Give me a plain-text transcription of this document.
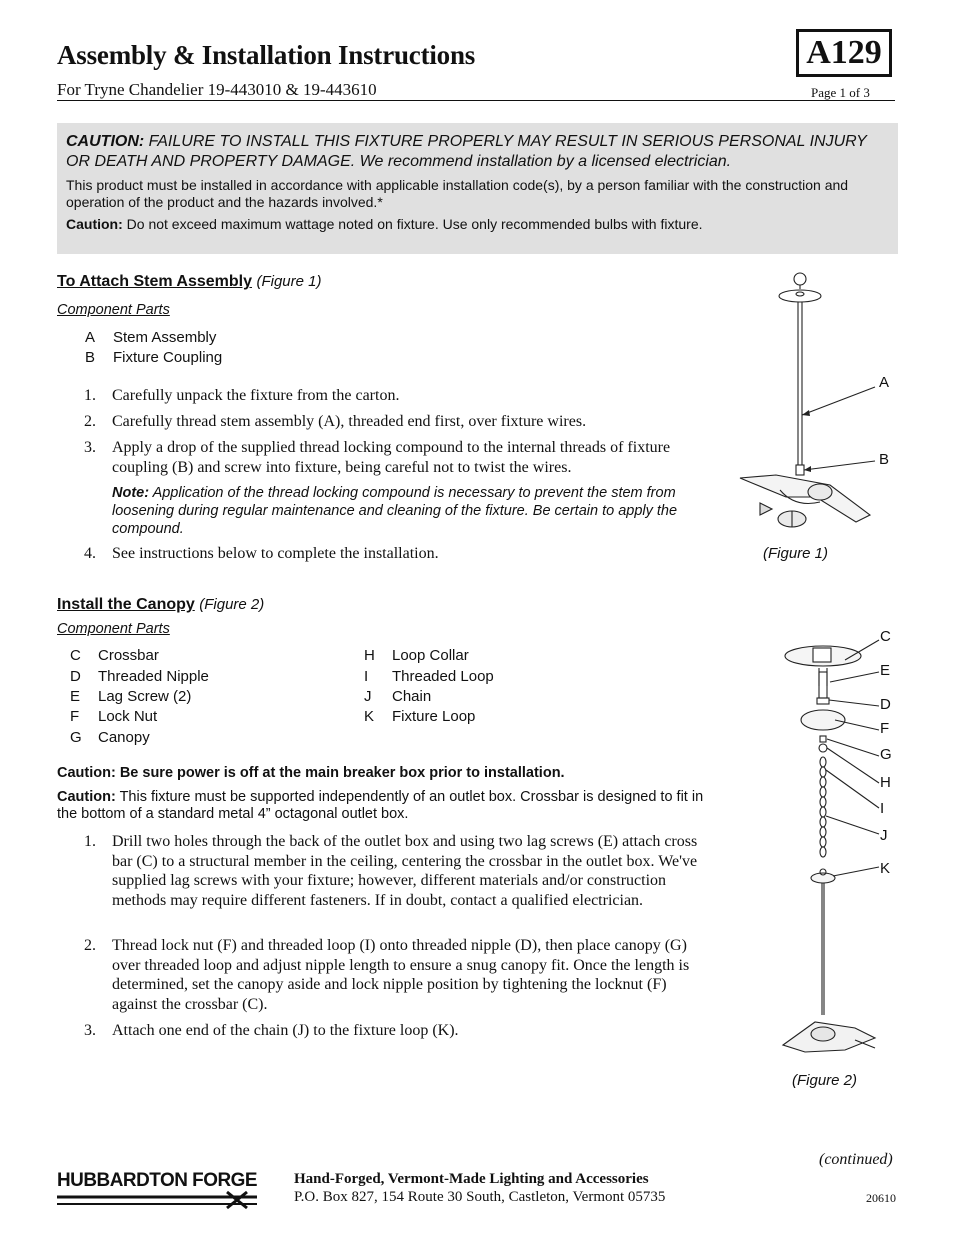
Assembly & Installation Instructions
For Tryne Chandelier 19-443010 & 19-443610	Page 1 of 3
A129

CAUTION: FAILURE TO INSTALL THIS FIXTURE PROPERLY MAY RESULT IN SERIOUS PERSONAL INJURY OR DEATH AND PROPERTY DAMAGE. We recommend installation by a licensed electrician.

This product must be installed in accordance with applicable installation code(s), by a person familiar with the construction and operation of the product and the hazards involved.*

Caution: Do not exceed maximum wattage noted on fixture. Use only recommended bulbs with fixture.

To Attach Stem Assembly (Figure 1)
Component Parts
A Stem Assembly
B Fixture Coupling
1. Carefully unpack the fixture from the carton.
2. Carefully thread stem assembly (A), threaded end first, over fixture wires.
3. Apply a drop of the supplied thread locking compound to the internal threads of fixture coupling (B) and screw into fixture, being careful not to twist the wires.
Note: Application of the thread locking compound is necessary to prevent the stem from loosening during regular maintenance and cleaning of the fixture. Be certain to apply the compound.
4. See instructions below to complete the installation.
A
B
(Figure 1)
Install the Canopy (Figure 2)
Component Parts
C Crossbar
D Threaded Nipple
E Lag Screw (2)
F Lock Nut
G Canopy
H Loop Collar
I Threaded Loop
J Chain
K Fixture Loop
Caution: Be sure power is off at the main breaker box prior to installation.
Caution: This fixture must be supported independently of an outlet box. Crossbar is designed to fit in the bottom of a standard metal 4” octagonal outlet box.
1. Drill two holes through the back of the outlet box and using two lag screws (E) attach cross bar (C) to a structural member in the ceiling, centering the crossbar in the outlet box. We've supplied lag screws with your fixture; however, different materials and/or construction methods may require different fasteners. If in doubt, contact a qualified electrician.
2. Thread lock nut (F) and threaded loop (I) onto threaded nipple (D), then place canopy (G) over threaded loop and adjust nipple length to ensure a snug canopy fit. Once the length is determined, set the canopy aside and lock nipple position by tightening the locknut (F) against the crossbar (C).
3. Attach one end of the chain (J) to the fixture loop (K).
C
E
D
F
G
H
I
J
K
(Figure 2)
(continued)
HUBBARDTON FORGE Hand-Forged, Vermont-Made Lighting and Accessories
P.O. Box 827, 154 Route 30 South, Castleton, Vermont 05735	20610
